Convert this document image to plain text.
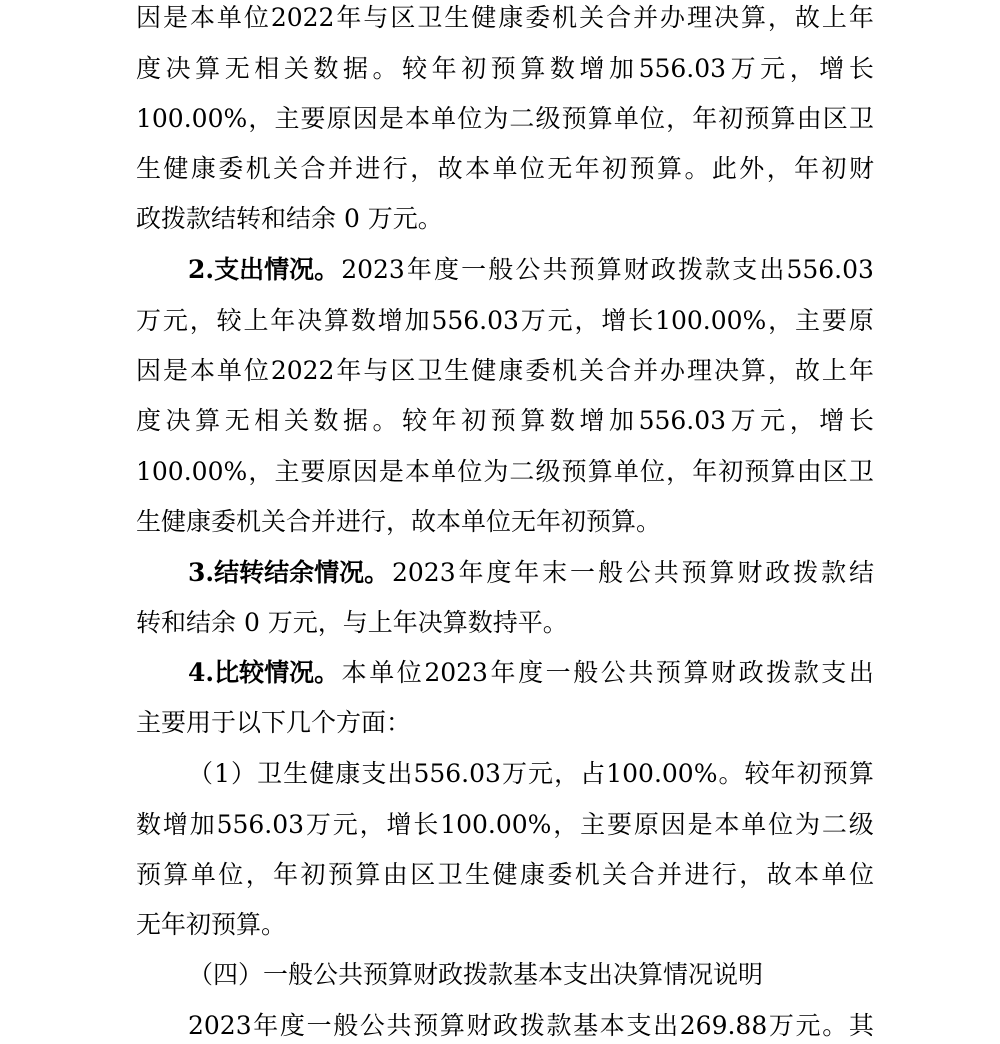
因 是 本 单 位 2022 年 与 区 卫 生 健 康 委 机 关 合 并 办 理 决 算 ， 故 上 年
度 决 算 无 相 关 数 据 。 较 年 初 预 算 数 增 加 556.03 万 元 ， 增 长
100.00% ， 主 要 原 因 是 本 单 位 为 二 级 预 算 单 位 ， 年 初 预 算 由 区 卫
生 健 康 委 机 关 合 并 进 行 ， 故 本 单 位 无 年 初 预 算 。 此 外 ， 年 初 财
政拨款结转和结余 0 万元。
2.支出情况。 2023 年 度 一 般 公 共 预 算 财 政 拨 款 支 出 556.03
万 元 ， 较 上 年 决 算 数 增 加 556.03 万 元 ， 增 长 100.00% ， 主 要 原
因 是 本 单 位 2022 年 与 区 卫 生 健 康 委 机 关 合 并 办 理 决 算 ， 故 上 年
度 决 算 无 相 关 数 据 。 较 年 初 预 算 数 增 加 556.03 万 元 ， 增 长
100.00% ， 主 要 原 因 是 本 单 位 为 二 级 预 算 单 位 ， 年 初 预 算 由 区 卫
生健康委机关合并进行，故本单位无年初预算。
3.结转结余情况。 2023 年 度 年 末 一 般 公 共 预 算 财 政 拨 款 结
转和结余 0 万元，与上年决算数持平。
4.比较情况。 本 单 位 2023 年 度 一 般 公 共 预 算 财 政 拨 款 支 出
主要用于以下几个方面：
（ 1 ） 卫 生 健 康 支 出 556.03 万 元 ， 占 100.00% 。 较 年 初 预 算
数 增 加 556.03 万 元 ， 增 长 100.00% ， 主 要 原 因 是 本 单 位 为 二 级
预 算 单 位 ， 年 初 预 算 由 区 卫 生 健 康 委 机 关 合 并 进 行 ， 故 本 单 位
无年初预算。
（四）一般公共预算财政拨款基本支出决算情况说明
2023 年 度 一 般 公 共 预 算 财 政 拨 款 基 本 支 出 269.88 万 元 。 其
